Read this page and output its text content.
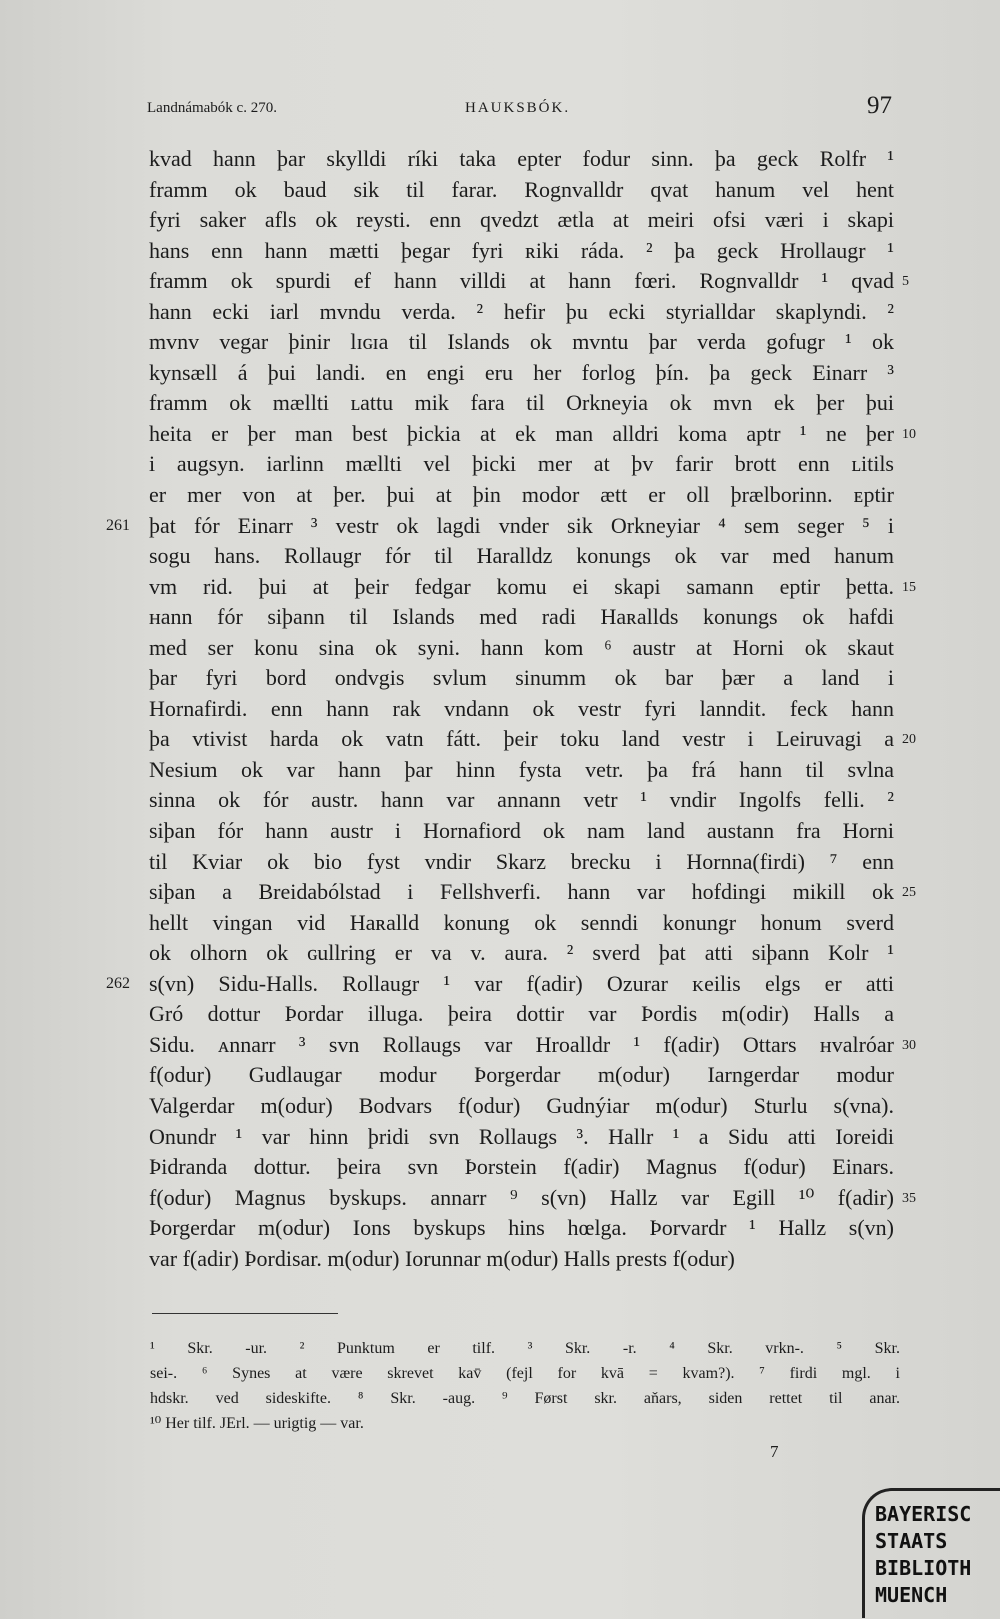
Landnámabók c. 270.	HAUKSBÓK.	97
kvad hann þar skylldi ríki taka epter fodur sinn. þa geck Rolfr ¹
framm ok baud sik til farar. Rognvalldr qvat hanum vel hent
fyri saker afls ok reysti. enn qvedzt ætla at meiri ofsi væri i skapi
hans enn hann mætti þegar fyri ʀiki ráda. ² þa geck Hrollaugr ¹
framm ok spurdi ef hann villdi at hann fœri. Rognvalldr ¹ qvad
hann ecki iarl mvndu verda. ² hefir þu ecki styrialldar skaplyndi. ²
mvnv vegar þinir lɪɢɪa til Islands ok mvntu þar verda gofugr ¹ ok
kynsæll á þui landi. en engi eru her forlog þín. þa geck Einarr ³
framm ok mællti ʟattu mik fara til Orkneyia ok mvn ek þer þui
heita er þer man best þickia at ek man alldri koma aptr ¹ ne þer
i augsyn. iarlinn mællti vel þicki mer at þv farir brott enn ʟitils
er mer von at þer. þui at þin modor ætt er oll þrælborinn. ᴇptir
þat fór Einarr ³ vestr ok lagdi vnder sik Orkneyiar ⁴ sem seger ⁵ i
sogu hans. Rollaugr fór til Haralldz konungs ok var med hanum
vm rid. þui at þeir fedgar komu ei skapi samann eptir þetta.
ʜann fór siþann til Islands med radi Haʀallds konungs ok hafdi
med ser konu sina ok syni. hann kom ⁶ austr at Horni ok skaut
þar fyri bord ondvgis svlum sinumm ok bar þær a land i
Hornafirdi. enn hann rak vndann ok vestr fyri lanndit. feck hann
þa vtivist harda ok vatn fátt. þeir toku land vestr i Leiruvagi a
Nesium ok var hann þar hinn fysta vetr. þa frá hann til svlna
sinna ok fór austr. hann var annann vetr ¹ vndir Ingolfs felli. ²
siþan fór hann austr i Hornafiord ok nam land austann fra Horni
til Kviar ok bio fyst vndir Skarz brecku i Hornna(firdi) ⁷ enn
siþan a Breidabólstad i Fellshverfi. hann var hofdingi mikill ok
hellt vingan vid Haʀalld konung ok senndi konungr honum sverd
ok olhorn ok ɢullring er va v. aura. ² sverd þat atti siþann Kolr ¹
s(vn) Sidu-Halls. Rollaugr ¹ var f(adir) Ozurar ᴋeilis elgs er atti
Gró dottur Þordar illuga. þeira dottir var Þordis m(odir) Halls a
Sidu. ᴀnnarr ³ svn Rollaugs var Hroalldr ¹ f(adir) Ottars ʜvalróar
f(odur) Gudlaugar modur Þorgerdar m(odur) Iarngerdar modur
Valgerdar m(odur) Bodvars f(odur) Gudnýiar m(odur) Sturlu s(vna).
Onundr ¹ var hinn þridi svn Rollaugs ³. Hallr ¹ a Sidu atti Ioreidi
Þidranda dottur. þeira svn Þorstein f(adir) Magnus f(odur) Einars.
f(odur) Magnus byskups. annarr ⁹ s(vn) Hallz var Egill ¹⁰ f(adir)
Þorgerdar m(odur) Ions byskups hins hœlga. Þorvardr ¹ Hallz s(vn)
var f(adir) Þordisar. m(odur) Iorunnar m(odur) Halls prests f(odur)
¹ Skr. -ur. ² Punktum er tilf. ³ Skr. -r. ⁴ Skr. vrkn-. ⁵ Skr.
sei-. ⁶ Synes at være skrevet kav̄ (fejl for kvā = kvam?). ⁷ firdi mgl. i
hdskr. ved sideskifte. ⁸ Skr. -aug. ⁹ Først skr. aňars, siden rettet til anar.
¹⁰ Her tilf. JErl. — urigtig — var.
7
BAYERISC
STAATS
BIBLIOTH
MUENCH
5
10
15
20
25
30
35
261
262
